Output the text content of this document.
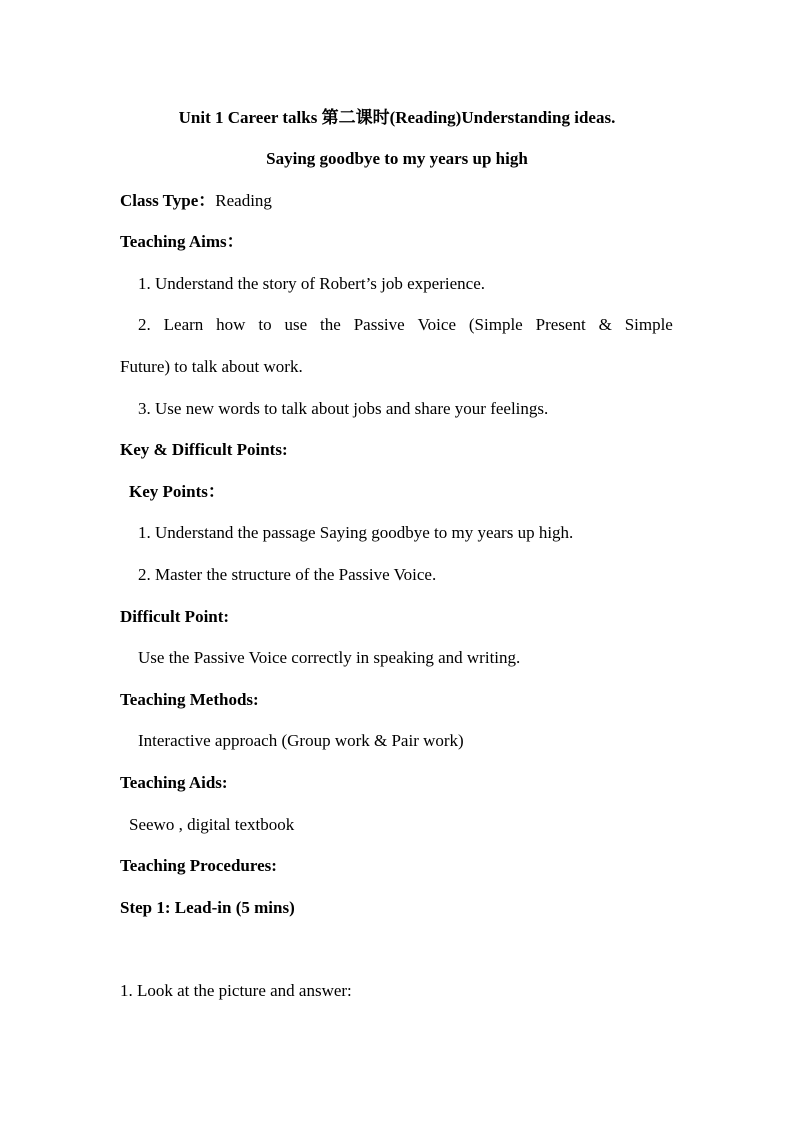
Unit 1 Career talks 第二课时(Reading)Understanding ideas.
Saying goodbye to my years up high
Class Type：Reading
Teaching Aims：
1. Understand the story of Robert’s job experience.
2. Learn how to use the Passive Voice (Simple Present & Simple
Future) to talk about work.
3. Use new words to talk about jobs and share your feelings.
Key & Difficult Points:
Key Points：
1. Understand the passage Saying goodbye to my years up high.
2. Master the structure of the Passive Voice.
Difficult Point:
Use the Passive Voice correctly in speaking and writing.
Teaching Methods:
Interactive approach (Group work & Pair work)
Teaching Aids:
Seewo , digital textbook
Teaching Procedures:
Step 1: Lead-in (5 mins)
1. Look at the picture and answer:
